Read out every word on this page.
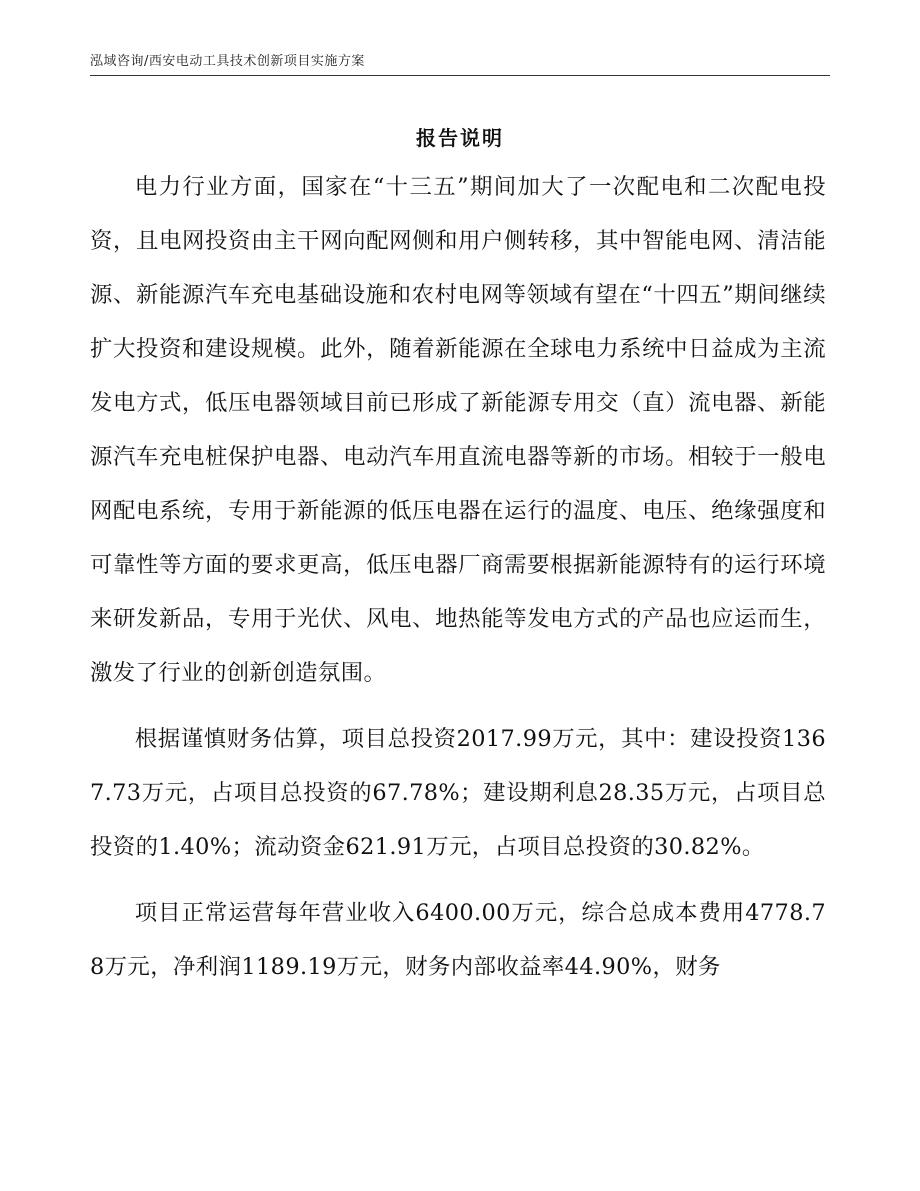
泓域咨询/西安电动工具技术创新项目实施方案
报告说明

电力行业方面，国家在“十三五”期间加大了一次配电和二次配电投资，且电网投资由主干网向配网侧和用户侧转移，其中智能电网、清洁能源、新能源汽车充电基础设施和农村电网等领域有望在“十四五”期间继续扩大投资和建设规模。此外，随着新能源在全球电力系统中日益成为主流发电方式，低压电器领域目前已形成了新能源专用交（直）流电器、新能源汽车充电桩保护电器、电动汽车用直流电器等新的市场。相较于一般电网配电系统，专用于新能源的低压电器在运行的温度、电压、绝缘强度和可靠性等方面的要求更高，低压电器厂商需要根据新能源特有的运行环境来研发新品，专用于光伏、风电、地热能等发电方式的产品也应运而生，激发了行业的创新创造氛围。

根据谨慎财务估算，项目总投资2017.99万元，其中：建设投资1367.73万元，占项目总投资的67.78%；建设期利息28.35万元，占项目总投资的1.40%；流动资金621.91万元，占项目总投资的30.82%。

项目正常运营每年营业收入6400.00万元，综合总成本费用4778.78万元，净利润1189.19万元，财务内部收益率44.90%，财务
